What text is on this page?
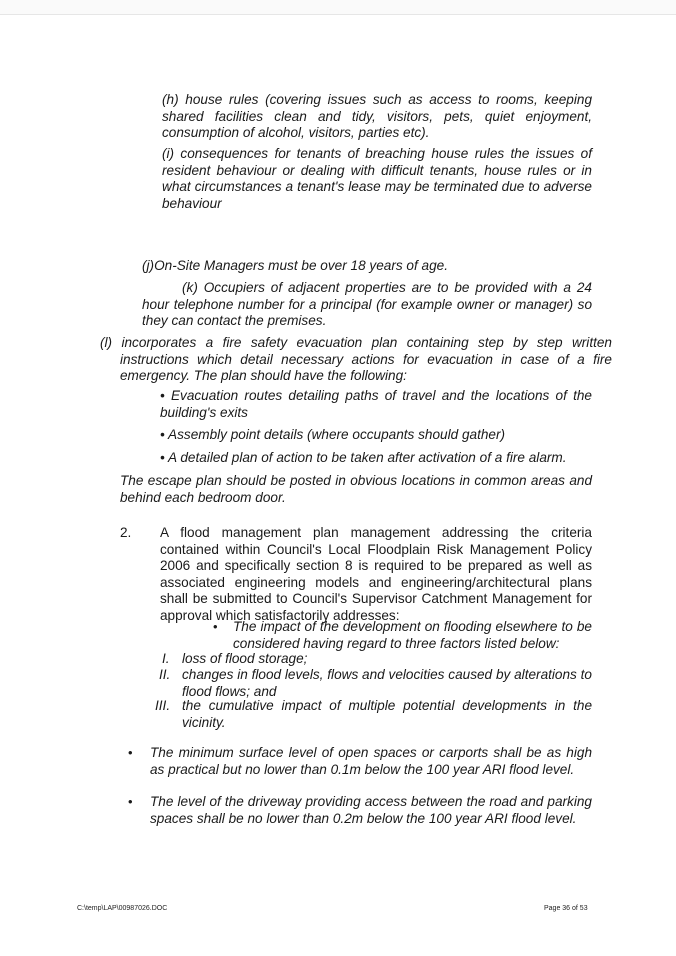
(h) house rules (covering issues such as access to rooms, keeping shared facilities clean and tidy, visitors, pets, quiet enjoyment, consumption of alcohol, visitors, parties etc).

(i) consequences for tenants of breaching house rules the issues of resident behaviour or dealing with difficult tenants, house rules or in what circumstances a tenant's lease may be terminated due to adverse behaviour

(j)On-Site Managers must be over 18 years of age.

(k) Occupiers of adjacent properties are to be provided with a 24 hour telephone number for a principal (for example owner or manager) so they can contact the premises.

(l) incorporates a fire safety evacuation plan containing step by step written instructions which detail necessary actions for evacuation in case of a fire emergency. The plan should have the following:

• Evacuation routes detailing paths of travel and the locations of the building's exits

• Assembly point details (where occupants should gather)

• A detailed plan of action to be taken after activation of a fire alarm.

The escape plan should be posted in obvious locations in common areas and behind each bedroom door.

2.	A flood management plan management addressing the criteria contained within Council's Local Floodplain Risk Management Policy 2006 and specifically section 8 is required to be prepared as well as associated engineering models and engineering/architectural plans shall be submitted to Council's Supervisor Catchment Management for approval which satisfactorily addresses:

• The impact of the development on flooding elsewhere to be considered having regard to three factors listed below:

I. loss of flood storage;

II. changes in flood levels, flows and velocities caused by alterations to flood flows; and

III. the cumulative impact of multiple potential developments in the vicinity.

• The minimum surface level of open spaces or carports shall be as high as practical but no lower than 0.1m below the 100 year ARI flood level.

• The level of the driveway providing access between the road and parking spaces shall be no lower than 0.2m below the 100 year ARI flood level.

C:\temp\LAP\00987026.DOC	Page 36 of 53
